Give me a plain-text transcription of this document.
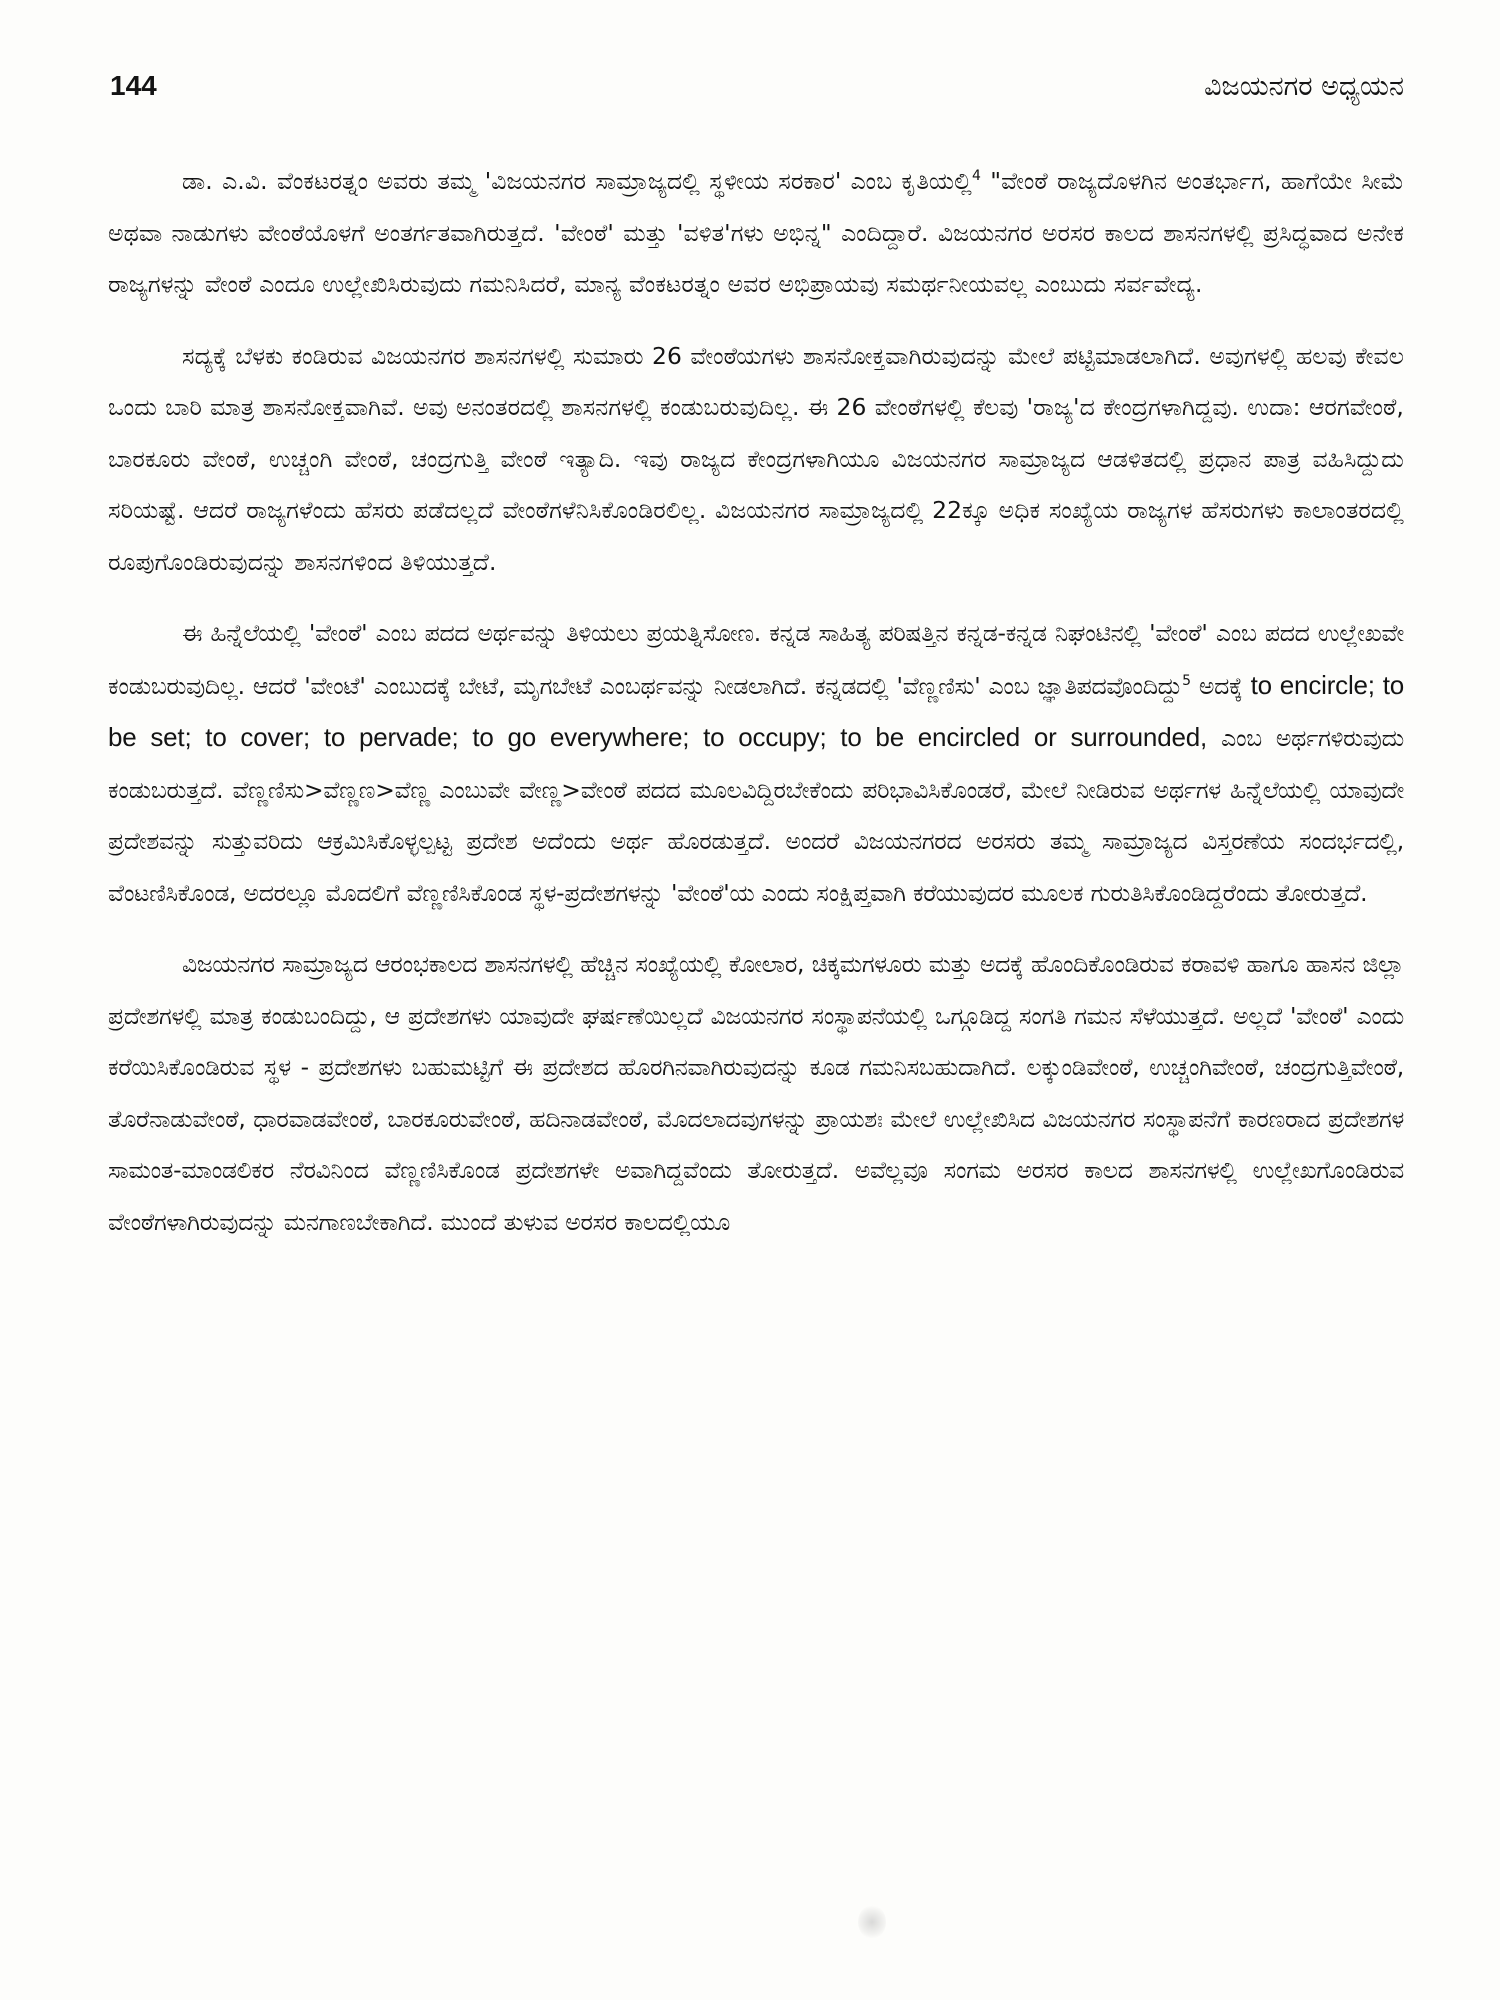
144	ವಿಜಯನಗರ ಅಧ್ಯಯನ

ಡಾ. ಎ.ವಿ. ವೆಂಕಟರತ್ನಂ ಅವರು ತಮ್ಮ 'ವಿಜಯನಗರ ಸಾಮ್ರಾಜ್ಯದಲ್ಲಿ ಸ್ಥಳೀಯ ಸರಕಾರ' ಎಂಬ ಕೃತಿಯಲ್ಲಿ$^4$ "ವೇಂಠೆ ರಾಜ್ಯದೊಳಗಿನ ಅಂತರ್ಭಾಗ, ಹಾಗೆಯೇ ಸೀಮೆ ಅಥವಾ ನಾಡುಗಳು ವೇಂಠೆಯೊಳಗೆ ಅಂತರ್ಗತವಾಗಿರುತ್ತದೆ. 'ವೇಂಠೆ' ಮತ್ತು 'ವಳಿತ'ಗಳು ಅಭಿನ್ನ" ಎಂದಿದ್ದಾರೆ. ವಿಜಯನಗರ ಅರಸರ ಕಾಲದ ಶಾಸನಗಳಲ್ಲಿ ಪ್ರಸಿದ್ಧವಾದ ಅನೇಕ ರಾಜ್ಯಗಳನ್ನು ವೇಂಠೆ ಎಂದೂ ಉಲ್ಲೇಖಿಸಿರುವುದು ಗಮನಿಸಿದರೆ, ಮಾನ್ಯ ವೆಂಕಟರತ್ನಂ ಅವರ ಅಭಿಪ್ರಾಯವು ಸಮರ್ಥನೀಯವಲ್ಲ ಎಂಬುದು ಸರ್ವವೇದ್ಯ.

ಸದ್ಯಕ್ಕೆ ಬೆಳಕು ಕಂಡಿರುವ ವಿಜಯನಗರ ಶಾಸನಗಳಲ್ಲಿ ಸುಮಾರು 26 ವೇಂಠೆಯಗಳು ಶಾಸನೋಕ್ತವಾಗಿರುವುದನ್ನು ಮೇಲೆ ಪಟ್ಟಿಮಾಡಲಾಗಿದೆ. ಅವುಗಳಲ್ಲಿ ಹಲವು ಕೇವಲ ಒಂದು ಬಾರಿ ಮಾತ್ರ ಶಾಸನೋಕ್ತವಾಗಿವೆ. ಅವು ಅನಂತರದಲ್ಲಿ ಶಾಸನಗಳಲ್ಲಿ ಕಂಡುಬರುವುದಿಲ್ಲ. ಈ 26 ವೇಂಠೆಗಳಲ್ಲಿ ಕೆಲವು 'ರಾಜ್ಯ'ದ ಕೇಂದ್ರಗಳಾಗಿದ್ದವು. ಉದಾ: ಆರಗವೇಂಠೆ, ಬಾರಕೂರು ವೇಂಠೆ, ಉಚ್ಚಂಗಿ ವೇಂಠೆ, ಚಂದ್ರಗುತ್ತಿ ವೇಂಠೆ ಇತ್ಯಾದಿ. ಇವು ರಾಜ್ಯದ ಕೇಂದ್ರಗಳಾಗಿಯೂ ವಿಜಯನಗರ ಸಾಮ್ರಾಜ್ಯದ ಆಡಳಿತದಲ್ಲಿ ಪ್ರಧಾನ ಪಾತ್ರ ವಹಿಸಿದ್ದುದು ಸರಿಯಷ್ಟೆ. ಆದರೆ ರಾಜ್ಯಗಳೆಂದು ಹೆಸರು ಪಡೆದಲ್ಲದೆ ವೇಂಠೆಗಳೆನಿಸಿಕೊಂಡಿರಲಿಲ್ಲ. ವಿಜಯನಗರ ಸಾಮ್ರಾಜ್ಯದಲ್ಲಿ 22ಕ್ಕೂ ಅಧಿಕ ಸಂಖ್ಯೆಯ ರಾಜ್ಯಗಳ ಹೆಸರುಗಳು ಕಾಲಾಂತರದಲ್ಲಿ ರೂಪುಗೊಂಡಿರುವುದನ್ನು ಶಾಸನಗಳಿಂದ ತಿಳಿಯುತ್ತದೆ.

ಈ ಹಿನ್ನೆಲೆಯಲ್ಲಿ 'ವೇಂಠೆ' ಎಂಬ ಪದದ ಅರ್ಥವನ್ನು ತಿಳಿಯಲು ಪ್ರಯತ್ನಿಸೋಣ. ಕನ್ನಡ ಸಾಹಿತ್ಯ ಪರಿಷತ್ತಿನ ಕನ್ನಡ-ಕನ್ನಡ ನಿಘಂಟಿನಲ್ಲಿ 'ವೇಂಠೆ' ಎಂಬ ಪದದ ಉಲ್ಲೇಖವೇ ಕಂಡುಬರುವುದಿಲ್ಲ. ಆದರೆ 'ವೇಂಟೆ' ಎಂಬುದಕ್ಕೆ ಬೇಟೆ, ಮೃಗಬೇಟೆ ಎಂಬರ್ಥವನ್ನು ನೀಡಲಾಗಿದೆ. ಕನ್ನಡದಲ್ಲಿ 'ವೆಣ್ಣಣಿಸು' ಎಂಬ ಜ್ಞಾತಿಪದವೊಂದಿದ್ದು$^5$ ಅದಕ್ಕೆ to encircle; to be set; to cover; to pervade; to go everywhere; to occupy; to be encircled or surrounded, ಎಂಬ ಅರ್ಥಗಳಿರುವುದು ಕಂಡುಬರುತ್ತದೆ. ವೆಣ್ಣಣಿಸು>ವೆಣ್ಣಣ>ವೆಣ್ಣ ಎಂಬುವೇ ವೇಣ್ಣ>ವೇಂಠೆ ಪದದ ಮೂಲವಿದ್ದಿರಬೇಕೆಂದು ಪರಿಭಾವಿಸಿಕೊಂಡರೆ, ಮೇಲೆ ನೀಡಿರುವ ಅರ್ಥಗಳ ಹಿನ್ನೆಲೆಯಲ್ಲಿ ಯಾವುದೇ ಪ್ರದೇಶವನ್ನು ಸುತ್ತುವರಿದು ಆಕ್ರಮಿಸಿಕೊಳ್ಳಲ್ಪಟ್ಟ ಪ್ರದೇಶ ಅದೆಂದು ಅರ್ಥ ಹೊರಡುತ್ತದೆ. ಅಂದರೆ ವಿಜಯನಗರದ ಅರಸರು ತಮ್ಮ ಸಾಮ್ರಾಜ್ಯದ ವಿಸ್ತರಣೆಯ ಸಂದರ್ಭದಲ್ಲಿ, ವೆಂಟಣಿಸಿಕೊಂಡ, ಅದರಲ್ಲೂ ಮೊದಲಿಗೆ ವೆಣ್ಣಣಿಸಿಕೊಂಡ ಸ್ಥಳ-ಪ್ರದೇಶಗಳನ್ನು 'ವೇಂಠೆ'ಯ ಎಂದು ಸಂಕ್ಷಿಪ್ತವಾಗಿ ಕರೆಯುವುದರ ಮೂಲಕ ಗುರುತಿಸಿಕೊಂಡಿದ್ದರೆಂದು ತೋರುತ್ತದೆ.

ವಿಜಯನಗರ ಸಾಮ್ರಾಜ್ಯದ ಆರಂಭಕಾಲದ ಶಾಸನಗಳಲ್ಲಿ ಹೆಚ್ಚಿನ ಸಂಖ್ಯೆಯಲ್ಲಿ ಕೋಲಾರ, ಚಿಕ್ಕಮಗಳೂರು ಮತ್ತು ಅದಕ್ಕೆ ಹೊಂದಿಕೊಂಡಿರುವ ಕರಾವಳಿ ಹಾಗೂ ಹಾಸನ ಜಿಲ್ಲಾ ಪ್ರದೇಶಗಳಲ್ಲಿ ಮಾತ್ರ ಕಂಡುಬಂದಿದ್ದು, ಆ ಪ್ರದೇಶಗಳು ಯಾವುದೇ ಘರ್ಷಣೆಯಿಲ್ಲದೆ ವಿಜಯನಗರ ಸಂಸ್ಥಾಪನೆಯಲ್ಲಿ ಒಗ್ಗೂಡಿದ್ದ ಸಂಗತಿ ಗಮನ ಸೆಳೆಯುತ್ತದೆ. ಅಲ್ಲದೆ 'ವೇಂಠೆ' ಎಂದು ಕರೆಯಿಸಿಕೊಂಡಿರುವ ಸ್ಥಳ - ಪ್ರದೇಶಗಳು ಬಹುಮಟ್ಟಿಗೆ ಈ ಪ್ರದೇಶದ ಹೊರಗಿನವಾಗಿರುವುದನ್ನು ಕೂಡ ಗಮನಿಸಬಹುದಾಗಿದೆ. ಲಕ್ಕುಂಡಿವೇಂಠೆ, ಉಚ್ಚಂಗಿವೇಂಠೆ, ಚಂದ್ರಗುತ್ತಿವೇಂಠೆ, ತೊರೆನಾಡುವೇಂಠೆ, ಧಾರವಾಡವೇಂಠೆ, ಬಾರಕೂರುವೇಂಠೆ, ಹದಿನಾಡವೇಂಠೆ, ಮೊದಲಾದವುಗಳನ್ನು ಪ್ರಾಯಶಃ ಮೇಲೆ ಉಲ್ಲೇಖಿಸಿದ ವಿಜಯನಗರ ಸಂಸ್ಥಾಪನೆಗೆ ಕಾರಣರಾದ ಪ್ರದೇಶಗಳ ಸಾಮಂತ-ಮಾಂಡಲಿಕರ ನೆರವಿನಿಂದ ವೆಣ್ಣಣಿಸಿಕೊಂಡ ಪ್ರದೇಶಗಳೇ ಅವಾಗಿದ್ದವೆಂದು ತೋರುತ್ತದೆ. ಅವೆಲ್ಲವೂ ಸಂಗಮ ಅರಸರ ಕಾಲದ ಶಾಸನಗಳಲ್ಲಿ ಉಲ್ಲೇಖಗೊಂಡಿರುವ ವೇಂಠೆಗಳಾಗಿರುವುದನ್ನು ಮನಗಾಣಬೇಕಾಗಿದೆ. ಮುಂದೆ ತುಳುವ ಅರಸರ ಕಾಲದಲ್ಲಿಯೂ
